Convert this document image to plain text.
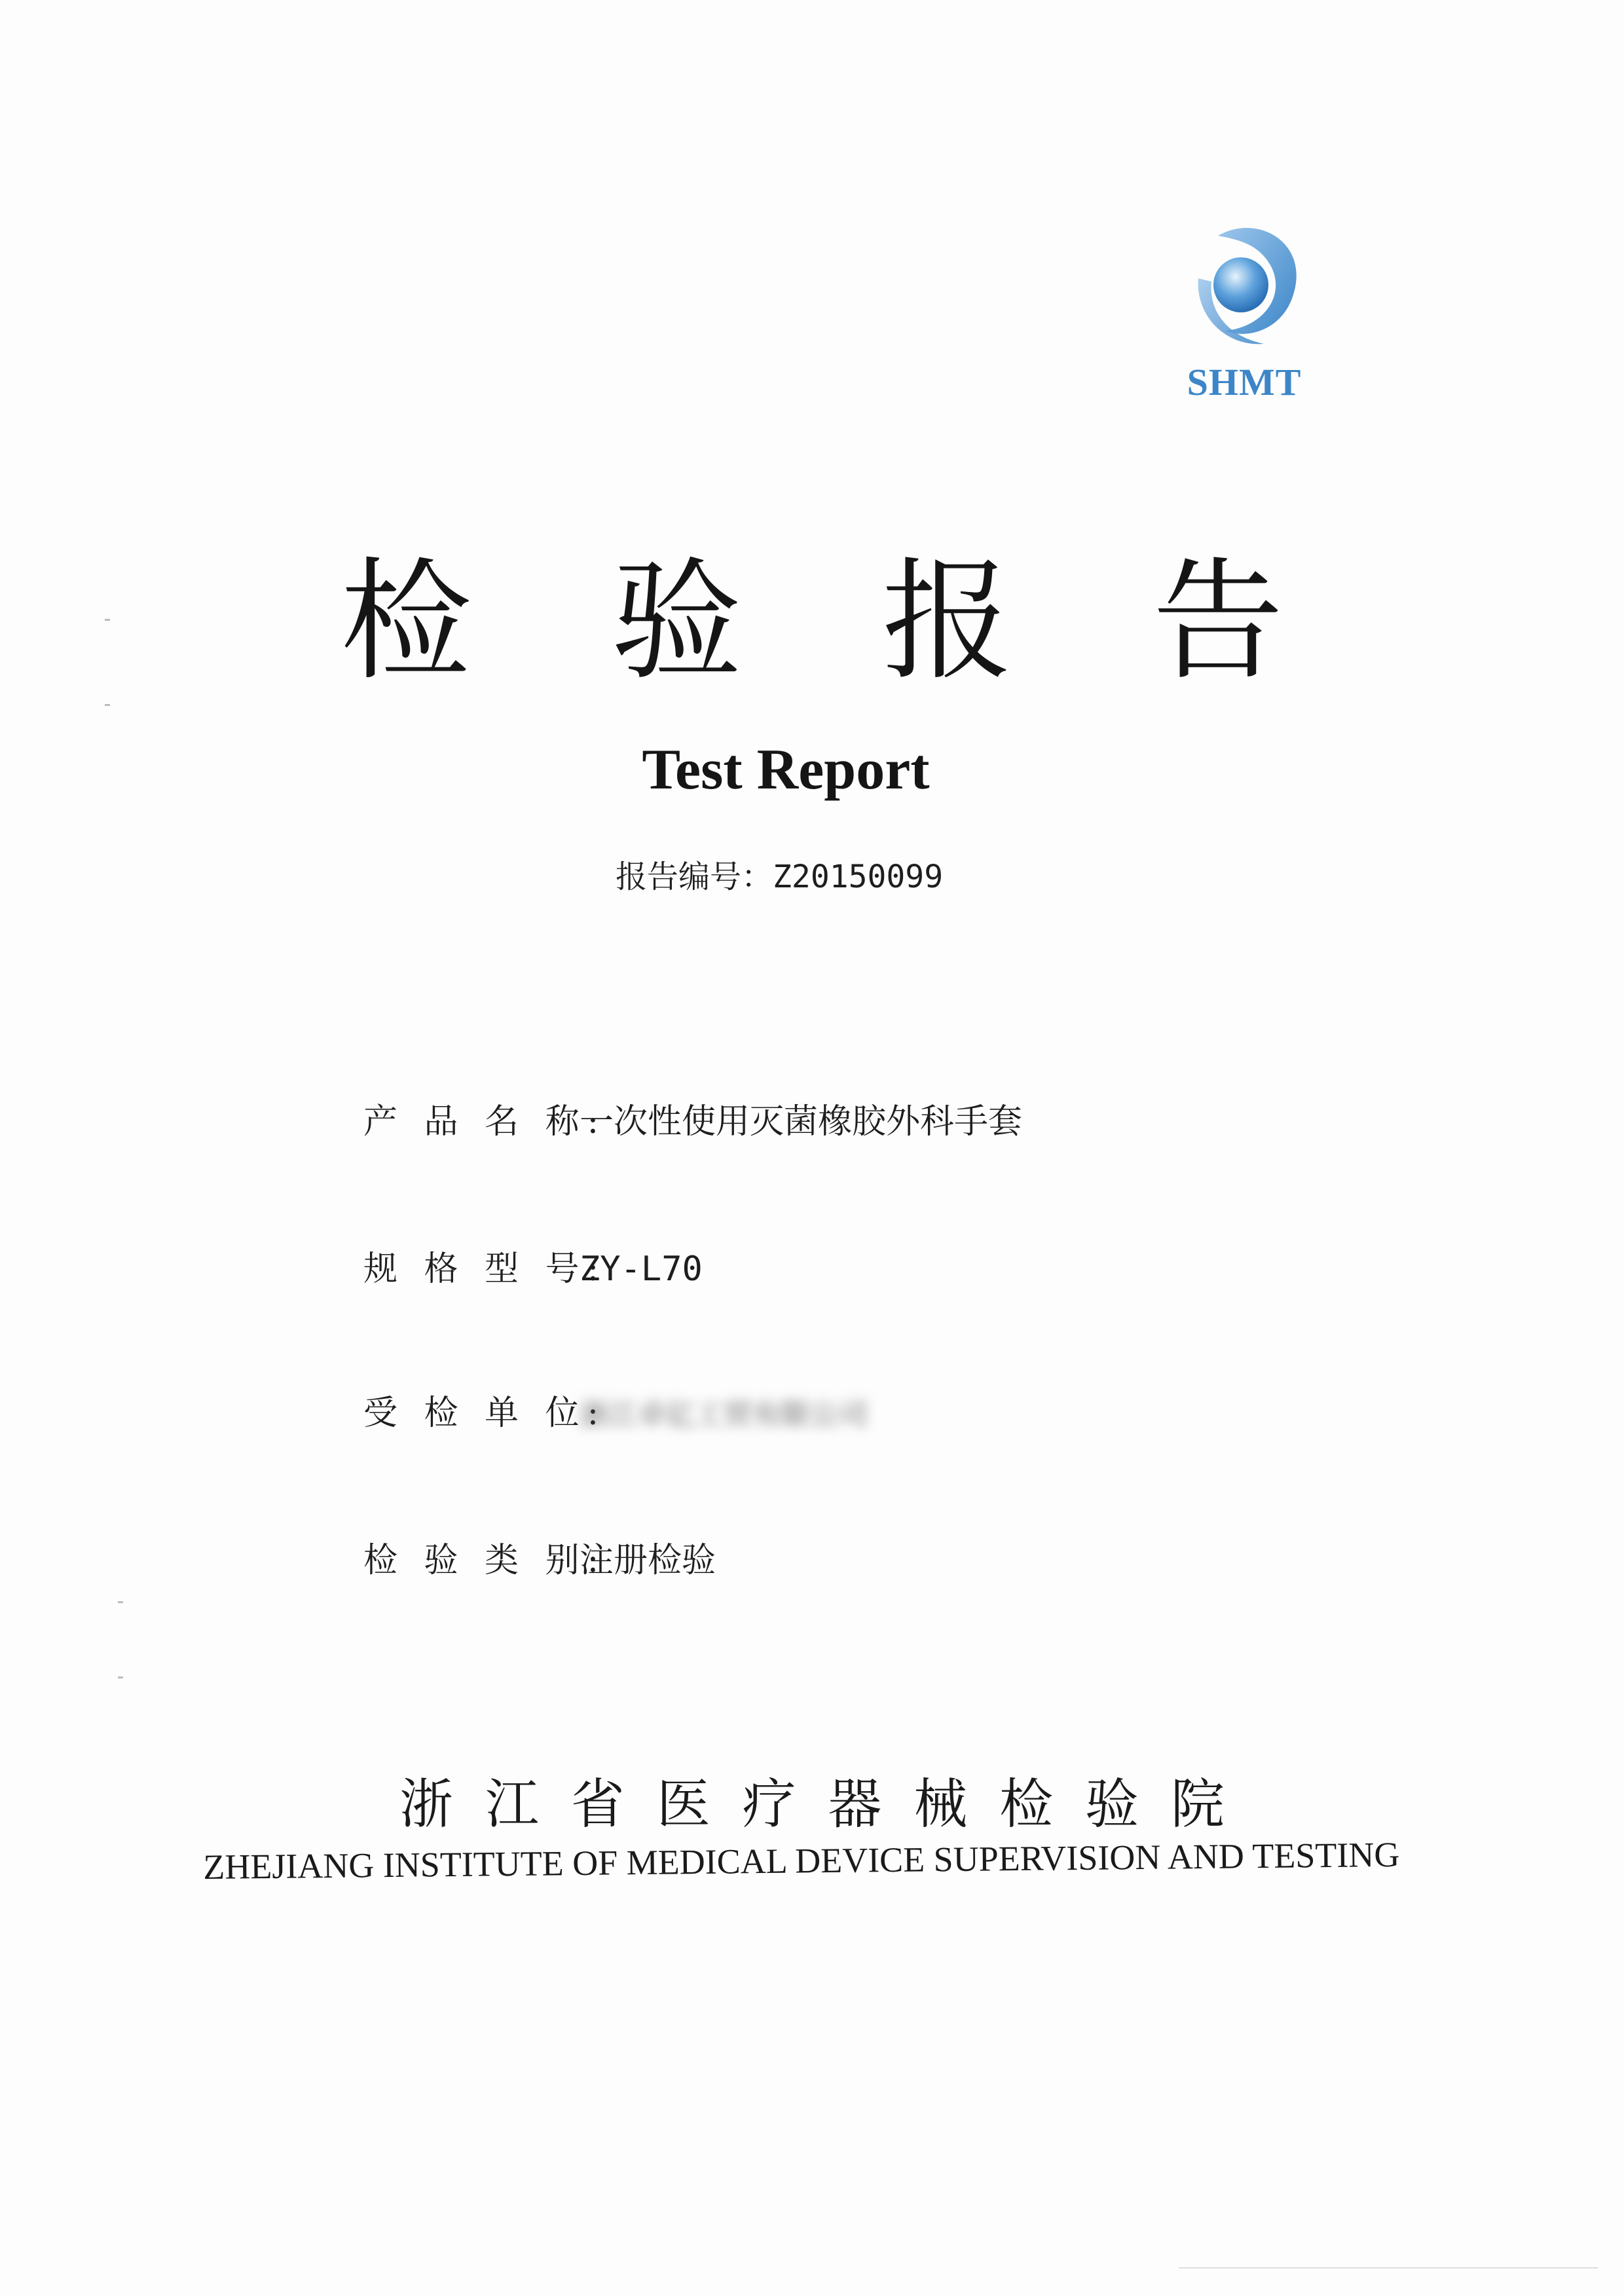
SHMT
检 验 报 告
Test Report
报告编号：Z20150099
产 品 名 称:一次性使用灭菌橡胶外科手套
规 格 型 号:ZY-L70
受 检 单 位:浙江卓亿工贸有限公司
检 验 类 别:注册检验
浙 江 省 医 疗 器 械 检 验 院
ZHEJIANG INSTITUTE OF MEDICAL DEVICE SUPERVISION AND TESTING
